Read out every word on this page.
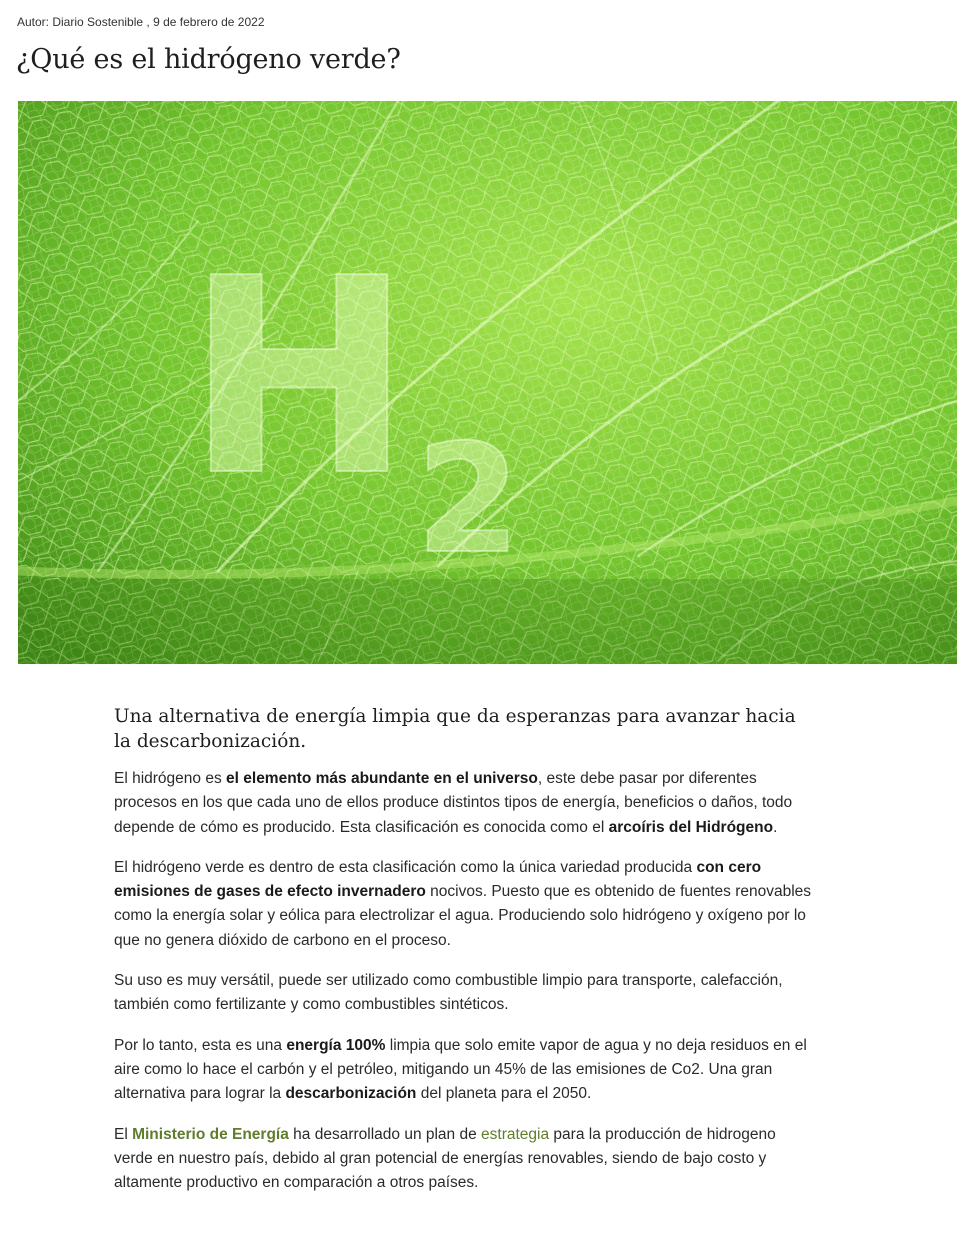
Autor: Diario Sostenible , 9 de febrero de 2022
¿Qué es el hidrógeno verde?
H 2

Una alternativa de energía limpia que da esperanzas para avanzar hacia la descarbonización.

El hidrógeno es el elemento más abundante en el universo, este debe pasar por diferentes procesos en los que cada uno de ellos produce distintos tipos de energía, beneficios o daños, todo depende de cómo es producido. Esta clasificación es conocida como el arcoíris del Hidrógeno.

El hidrógeno verde es dentro de esta clasificación como la única variedad producida con cero emisiones de gases de efecto invernadero nocivos. Puesto que es obtenido de fuentes renovables como la energía solar y eólica para electrolizar el agua. Produciendo solo hidrógeno y oxígeno por lo que no genera dióxido de carbono en el proceso.

Su uso es muy versátil, puede ser utilizado como combustible limpio para transporte, calefacción, también como fertilizante y como combustibles sintéticos.

Por lo tanto, esta es una energía 100% limpia que solo emite vapor de agua y no deja residuos en el aire como lo hace el carbón y el petróleo, mitigando un 45% de las emisiones de Co2. Una gran alternativa para lograr la descarbonización del planeta para el 2050.

El Ministerio de Energía ha desarrollado un plan de estrategia para la producción de hidrogeno verde en nuestro país, debido al gran potencial de energías renovables, siendo de bajo costo y altamente productivo en comparación a otros países.
